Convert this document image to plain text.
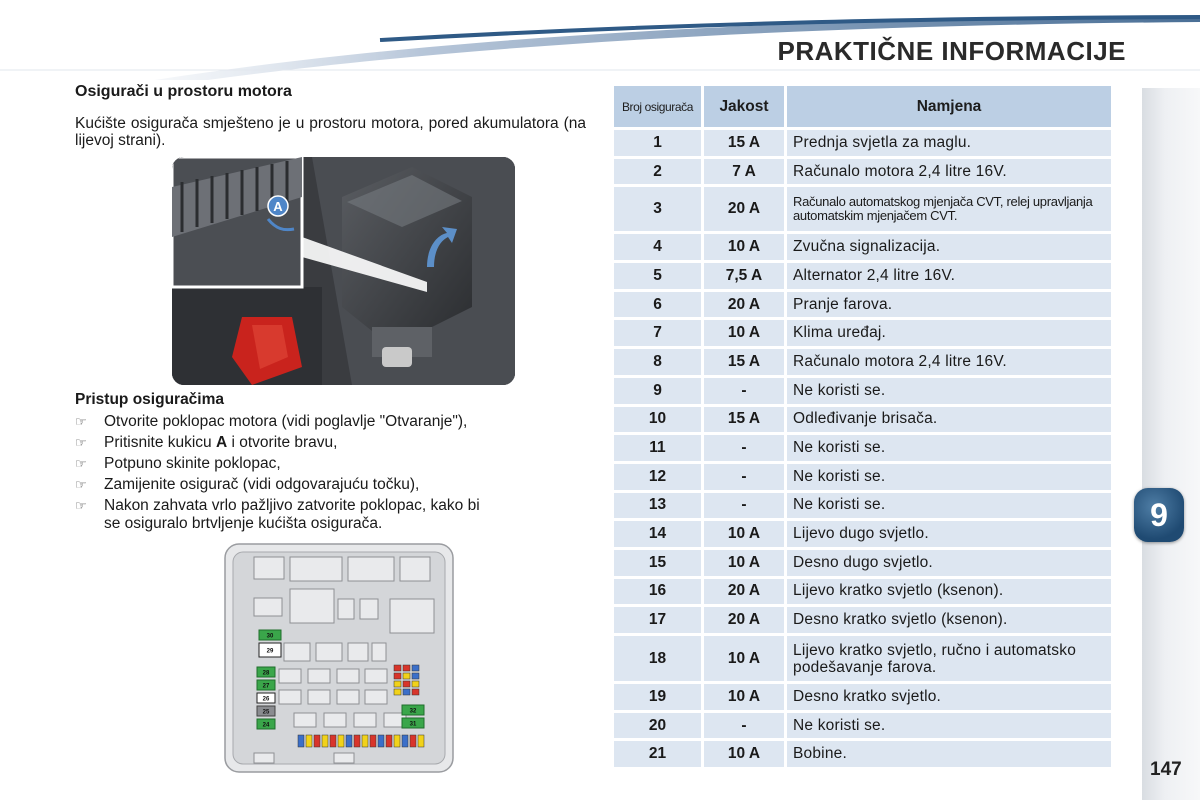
PRAKTIČNE INFORMACIJE
9
147
Osigurači u prostoru motora
Kućište osigurača smješteno je u prostoru motora, pored akumulatora (na lijevoj strani).
A
Pristup osiguračima
☞ Otvorite poklopac motora (vidi poglavlje "Otvaranje"),
☞ Pritisnite kukicu A i otvorite bravu,
☞ Potpuno skinite poklopac,
☞ Zamijenite osigurač (vidi odgovarajuću točku),
☞ Nakon zahvata vrlo pažljivo zatvorite poklopac, kako bi
se osiguralo brtvljenje kućišta osigurača.
30
29
28
27
26
25
24
32
31
Broj osigurača	Jakost	Namjena
1	15 A	Prednja svjetla za maglu.
2	7 A	Računalo motora 2,4 litre 16V.
3	20 A	Računalo automatskog mjenjača CVT, relej upravljanja automatskim mjenjačem CVT.
4	10 A	Zvučna signalizacija.
5	7,5 A	Alternator 2,4 litre 16V.
6	20 A	Pranje farova.
7	10 A	Klima uređaj.
8	15 A	Računalo motora 2,4 litre 16V.
9	-	Ne koristi se.
10	15 A	Odleđivanje brisača.
11	-	Ne koristi se.
12	-	Ne koristi se.
13	-	Ne koristi se.
14	10 A	Lijevo dugo svjetlo.
15	10 A	Desno dugo svjetlo.
16	20 A	Lijevo kratko svjetlo (ksenon).
17	20 A	Desno kratko svjetlo (ksenon).
18	10 A	Lijevo kratko svjetlo, ručno i automatsko podešavanje farova.
19	10 A	Desno kratko svjetlo.
20	-	Ne koristi se.
21	10 A	Bobine.
